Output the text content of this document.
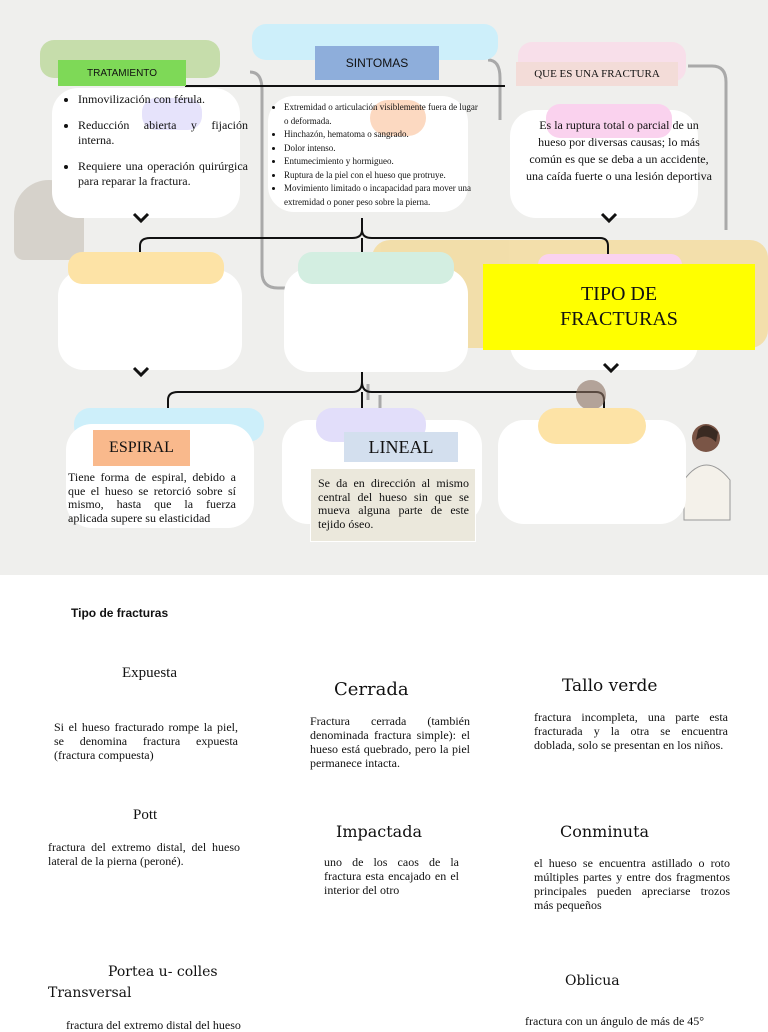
TRATAMIENTO
SINTOMAS
QUE ES UNA FRACTURA
• Inmovilización con férula.
• Reducción abierta y fijación interna.
• Requiere una operación quirúrgica para reparar la fractura.
• Extremidad o articulación visiblemente fuera de lugar o deformada.
• Hinchazón, hematoma o sangrado.
• Dolor intenso.
• Entumecimiento y hormigueo.
• Ruptura de la piel con el hueso que protruye.
• Movimiento limitado o incapacidad para mover una extremidad o poner peso sobre la pierna.
Es la ruptura total o parcial de un hueso por diversas causas; lo más común es que se deba a un accidente, una caída fuerte o una lesión deportiva
TIPO DE
FRACTURAS
ESPIRAL
Tiene forma de espiral, debido a que el hueso se retorció sobre sí mismo, hasta que la fuerza aplicada supere su elasticidad
LINEAL
Se da en dirección al mismo central del hueso sin que se mueva alguna parte de este tejido óseo.
Tipo de fracturas
Expuesta
Si el hueso fracturado rompe la piel, se denomina fractura expuesta (fractura compuesta)
Cerrada
Fractura cerrada (también denominada fractura simple): el hueso está quebrado, pero la piel permanece intacta.
Tallo verde
fractura incompleta, una parte esta fracturada y la otra se encuentra doblada, solo se presentan en los niños.
Pott
fractura del extremo distal, del hueso lateral de la pierna (peroné).
Impactada
uno de los caos de la fractura esta encajado en el interior del otro
Conminuta
el hueso se encuentra astillado o roto múltiples partes y entre dos fragmentos principales pueden apreciarse trozos más pequeños
Portea u- colles
Transversal
fractura del extremo distal del hueso
Oblicua
fractura con un ángulo de más de 45°
